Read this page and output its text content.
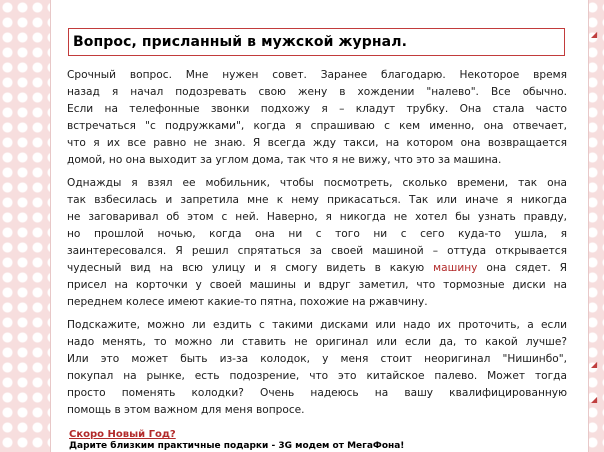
Вопрос, присланный в мужской журнал.

Срочный вопрос. Мне нужен совет. Заранее благодарю. Некоторое время
назад я начал подозревать свою жену в хождении "налево". Все обычно.
Если на телефонные звонки подхожу я – кладут трубку. Она стала часто
встречаться "с подружками", когда я спрашиваю с кем именно, она отвечает,
что я их все равно не знаю. Я всегда жду такси, на котором она возвращается
домой, но она выходит за углом дома, так что я не вижу, что это за машина.

Однажды я взял ее мобильник, чтобы посмотреть, сколько времени, так она
так взбесилась и запретила мне к нему прикасаться. Так или иначе я никогда
не заговаривал об этом с ней. Наверно, я никогда не хотел бы узнать правду,
но прошлой ночью, когда она ни с того ни с сего куда-то ушла, я
заинтересовался. Я решил спрятаться за своей машиной – оттуда открывается
чудесный вид на всю улицу и я смогу видеть в какую машину она сядет. Я
присел на корточки у своей машины и вдруг заметил, что тормозные диски на
переднем колесе имеют какие-то пятна, похожие на ржавчину.

Подскажите, можно ли ездить с такими дисками или надо их проточить, а если
надо менять, то можно ли ставить не оригинал или если да, то какой лучше?
Или это может быть из-за колодок, у меня стоит неоригинал "Нишинбо",
покупал на рынке, есть подозрение, что это китайское палево. Может тогда
просто поменять колодки? Очень надеюсь на вашу квалифицированную
помощь в этом важном для меня вопросе.

Скоро Новый Год?
Дарите близким практичные подарки - 3G модем от МегаФона!
◢
◢
◢
